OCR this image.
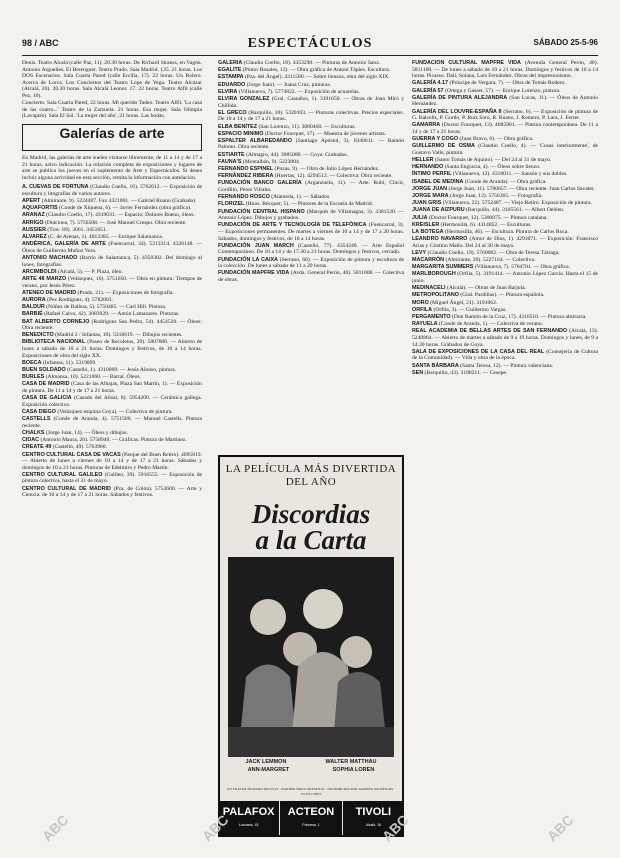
98 / ABC	ESPECTÁCULOS	SÁBADO 25-5-96
Denis. Teatro Alcalá (calle Paz, 11). 20.30 horas. De Richard Strauss, en Vagón. Antonio Arguelles. El Berenguer. Teatro Prado. Sala Madrid. 125. 21 horas. Los DOS Escenarios. Sala Cuarta Pared (calle Ercilla, 17). 22 horas. Un Bolero. Acerca de Lorca. Los Conciertos del Teatro Lope de Vega. Teatro Alcázar (Alcalá, 20). 20.30 horas. Sala Alcalá Leonor. 17. 22 horas. Teatro Alfil (calle Pez, 10).
Concierto. Sala Cuarta Pared, 22 horas. Mi querido Tadeo. Teatro Alfil. 'La casa de las cuatro...' Teatro de la Zarzuela. 21 horas. Esa mujer. Sala Olimpia (Lavapiés). Sala El Sol. 'La mujer del año', 21 horas. Las bodas.
Galerías de arte
En Madrid, las galerías de arte suelen visitarse libremente, de 11 a 14 y de 17 a 21 horas, salvo indicación. La relación completa de exposiciones y lugares de arte se publica los jueves en el suplemento de Arte y Espectáculos. Si desea incluir alguna actividad en esta sección, remita la información con antelación.
A. CUEVAS DE FORTUNA (Claudio Coello, 16). 5762612. — Exposición de escultura y litografías de varios autores.
APERT (Almirante, 9). 5224407. Fax 4321801. — Gabriel Ruano (Grabado).
AQUAFORTIS (Conde de Xiquena, 6). — Javier Fernández (obra gráfica).
ARANAZ (Claudio Coello, 17). 4319031. — Espacio: Dolores Bueno, óleos.
ARRIGO (Dulcinea, 7). 5756508. — José Manuel Crespo. Obra reciente.
AUSSIER (Trav. 89). 3061. 3451051.
ALVAREZ (C. de Arenas, 1). 4813385. — Enrique Salamanca.
ANDÉRICA, GALERÍA DE ARTE (Fuencarral, 34). 5213314. 4326148. — Óleos de Guillermo Muñoz Vera.
ANTONIO MACHADO (Barrio de Salamanca, 5). 4350302. Del domingo al lunes, fotografías.
ARCIMBOLDI (Alcalá, 5). — P. Plaza, óleo.
ARTE 48 MARZO (Velázquez, 10). 5751050. — Obra en pintura: Tiempos de verano, por Jesús Pérez.
ATENEO DE MADRID (Prado, 21). — Exposiciones de fotografía.
AURORA (Pez Rodríguez, 4). 5782001.
BALDUR (Núñez de Balboa, 5). 5750485. — Carl Hill. Pintura.
BARBIÉ (Rafael Calvo, 42). 3083929. — Antón Lamazares. Pinturas.
BAT ALBERTO CORNEJO (Rodríguez San Pedro, 54). 4454520. — Óleos: Obra reciente.
BENEDICTO (Madrid 2 / Infantas, 10). 5318619. — Dibujos recientes.
BIBLIOTECA NACIONAL (Paseo de Recoletos, 20). 5807800. — Abierto de lunes a sábado de 10 a 21 horas. Domingos y festivos, de 10 a 14 horas. Exposiciones de obra del siglo XX.
BOECA (Infantas, 11). 5319099.
BUEN SOLDADO (Castelló, 1). 4310009. — Jesús Alonso, pintura.
BURLES (Almansa, 10). 5221060. — Barral. Óleos.
CASA DE MADRID (Casa de las Alhajas, Plaza San Martín, 1). — Exposición de pintura. De 11 a 14 y de 17 a 21 horas.
CASA DE GALICIA (Casado del Alisal, 8). 5954200. — Cerámica gallega. Exposición colectiva.
CASA DIEGO (Velázquez esquina Goya). — Colectiva de pintura.
CASTELLS (Conde de Aranda, 4). 5751506. — Manuel Castells. Pintura reciente.
CHALKS (Jorge Juan, 14). — Óleos y dibujos.
CIDAC (Antonio Maura, 20). 5758940. — Gráficas. Pintura de Martinez.
CREATE 49 (Castelló, 49). 5763960.
CENTRO CULTURAL CASA DE VACAS (Parque del Buen Retiro). 4095819. — Abierto de lunes a viernes de 10 a 14 y de 17 a 21 horas. Sábados y domingos de 10 a 21 horas. Pinturas de Edelmiro y Pedro Martín.
CENTRO CULTURAL GALILEO (Galileo, 39). 5916555. — Exposición de pintura colectiva, hasta el 31 de mayo.
CENTRO CULTURAL DE MADRID (Pza. de Colón). 5753600. — Arte y Ciencia: de 10 a 14 y de 17 a 21 horas. Sábados y festivos.
GALERÍA (Claudio Coello, 18). 4353290. — Pinturas de Antonio Sanz.
EGALITE (Pintor Rosales, 12). — Obra gráfica de Antoni Tàpies. Escultura.
ESTAMPA (Pza. del Ángel). 4311580. — Sobre lienzos, obra del siglo XIX.
EDUARDO (Jorge Juan). — Juana Cruz, pinturas.
ELVIRA (Villanueva, 7). 5774822. — Exposición de acuarelas.
ELVIRA GONZALEZ (Gral. Castaños, 1). 3191650. — Obras de Joan Miró y Chillida.
EL GRECO (Barquillo, 10). 5320103. — Pinturas colectivas. Precios especiales. De 10 a 14 y de 17 a 21 horas.
ELBA BENÍTEZ (San Lorenzo, 11). 3080468. — Esculturas.
ESPACIO MINIMO (Doctor Fourquet, 17). — Muestra de jóvenes artistas.
ESPALTER ALBAREDANDO (Santiago Apóstol, 3). 6340611. — Ramón Palomo. Obra reciente.
ESTIARTE (Almagro, 44). 3085080. — Goya. Grabados.
FAUNA'S (Montalbán, 9). 5223004.
FERNANDO ESPINEL (Pozas, 9). — Obra de Julio López Hernández.
FERNÁNDEZ RIBERA (Huertas, 12). 4294512. — Colectiva: Obra reciente.
FUNDACIÓN BANCO GALERÍA (Arganzuela, 11). — Arte. Rubí, Chicó, Gordillo, Pérez Villalta.
FERNANDO ROSCO (Alameda, 1). — Sábados.
FLORIZEL (Hnos. Bécquer, 5). — Pintores de la Escuela de Madrid.
FUNDACIÓN CENTRAL HISPANO (Marqués de Villamagna, 3). 4381520. — Antonio López. Dibujos y grabados.
FUNDACIÓN DE ARTE Y TECNOLOGÍA DE TELEFÓNICA (Fuencarral, 3). — Exposiciones permanentes. De martes a viernes de 10 a 14 y de 17 a 20 horas. Sábados, domingos y festivos, de 10 a 14 horas.
FUNDACIÓN JUAN MARCH (Castelló, 77). 4354240. — Arte Español Contemporáneo. De 10 a 14 y de 17.30 a 21 horas. Domingos y festivos, cerrado.
FUNDACIÓN LA CAIXA (Serrano, 60). — Exposición de pintura y escultura de la colección. De lunes a sábado de 11 a 20 horas.
FUNDACIÓN MAPFRE VIDA (Avda. General Perón, 40). 5811000. — Colectiva de obras.
FUNDACIÓN CULTURAL MAPFRE VIDA (Avenida General Perón, 40). 5811100. — De lunes a sábado de 10 a 21 horas. Domingos y festivos de 10 a 14 horas. Picasso. Dalí, Solana, Luis Fernández. Obras del impresionismo.
GALERÍA 4.17 (Príncipe de Vergara, 7). — Obra de Tomás Rodero.
GALERÍA 57 (Ortega y Gasset, 57). — Enrique Lorenzo, pintura.
GALERÍA DE PINTURA ALEJANDRA (San Lucas, 11). — Óleos de Antonio Hernández.
GALERÍA DEL LOUVRE-ESPAÑA II (Serrano, 6). — Exposición de pintura de G. Balcells, P. Gordo, P. Ruiz Soto, R. Ruano, J. Romero, P. Lara, J. Ferrer.
GAMARRA (Doctor Fourquet, 13). 4685901. — Pintura contemporánea. De 11 a 14 y de 17 a 21 horas.
GUERRA Y COGO (Juan Bravo, 6). — Obra gráfica.
GUILLERMO DE OSMA (Claudio Coello, 4). — 'Cosas interiormente', de Gustavo Valle, pintura.
HELLER (Santo Tomás de Aquino). — Del 24 al 31 de mayo.
HERNANDO (Santa Engracia, 4). — Óleos sobre lienzo.
ÍNTIMO PERFIL (Villanueva, 12). 4310011. — Sansón y sus dobles.
ISABEL DE MEDINA (Conde de Aranda). — Obra gráfica.
JORGE JUAN (Jorge Juan, 11). 5780657. — Obra reciente. Juan Carlos Savater.
JORGE MARA (Jorge Juan, 12). 5756365. — Fotografía.
JUAN GRIS (Villanueva, 22). 5752487. — Viejo Retiro. Exposición de pintura.
JUANA DE AIZPURU (Barquillo, 44). 3105561. — Albert Oehlen.
JULIA (Doctor Fourquet, 12). 5306875. — Pintura catalana.
KREISLER (Hermosilla, 6). 4314852. — Esculturas.
LA BOTEGA (Hermosilla, 46). — Escultura. Pintura de Carlos Roca.
LEANDRO NAVARRO (Amor de Dios, 1). 4293071. — Exposición: Francisco Arias y Cristino Mallo. Del 24 al 30 de mayo.
LEVY (Claudio Coello, 19). 5760082. — Obra de Teresa Tárraga.
MACARRÓN (Almirante, 20). 5227164. — Colectiva.
MARGARITA SUMMERS (Villanueva, 7). 5764701. — Obra gráfica.
MARLBOROUGH (Orfila, 5). 3191414. — Antonio López García. Hasta el 15 de junio.
MEDINACELI (Alcalá). — Obras de Juan Barjola.
METROPOLITANO (Gral. Pardiñas). — Pintura española.
MORO (Miguel Ángel, 21). 3191062.
ORFILA (Orfila, 3). — Guillermo Vargas.
PERGAMENTO (Don Ramón de la Cruz, 17). 4316510. — Pintura abstracta.
RAYUELA (Conde de Aranda, 1). — Colectiva de verano.
REAL ACADEMIA DE BELLAS ARTES DE SAN FERNANDO (Alcalá, 13). 5240864. — Abierto de martes a sábado de 9 a 19 horas. Domingos y lunes, de 9 a 14.30 horas. Grabados de Goya.
SALA DE EXPOSICIONES DE LA CASA DEL REAL (Consejería de Cultura de la Comunidad). — Vida y obra de la época.
SANTA BÁRBARA (Santa Teresa, 12). — Pintura valenciana.
SEN (Barquillo, 43). 3198211. — Cesepe.
LA PELÍCULA MÁS DIVERTIDA DEL AÑO
Discordias
a la Carta
JACK LEMMON	WALTER MATTHAU
ANN-MARGRET	SOPHIA LOREN
UN FILM DE HOWARD DEUTCH · WARNER BROS. PRESENTA · DISTRIBUIDA POR WARNER SOGEFILMS · YA EN CINES
PALAFOX
Luchana, 15
ACTEON
Princesa, 1
TIVOLI
Alcalá, 16
ABC	ABC	ABC	ABC
